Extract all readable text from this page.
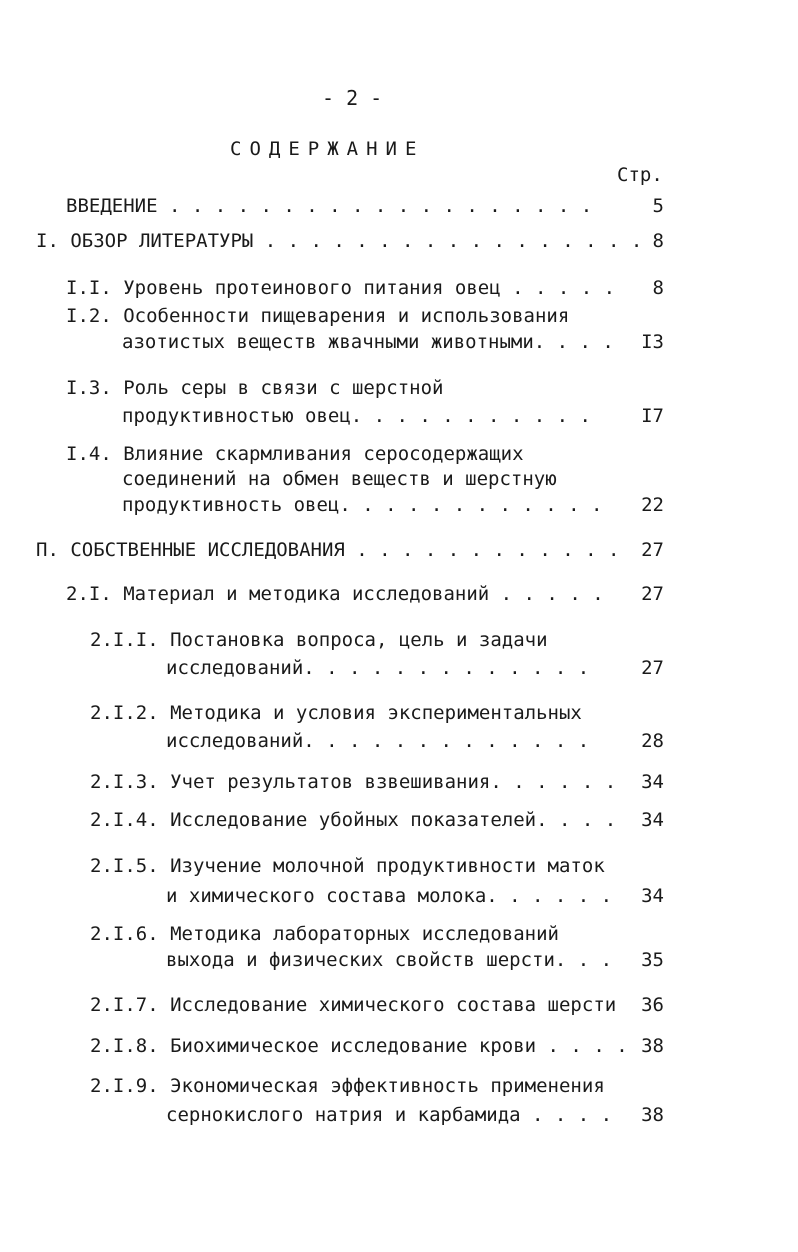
- 2 -
СОДЕРЖАНИЕ
Стр.
ВВЕДЕНИЕ . . . . . . . . . . . . . . . . . . .	5
I. ОБЗОР ЛИТЕРАТУРЫ . . . . . . . . . . . . . . . . . 8
I.I. Уровень протеинового питания овец . . . . .	8
I.2. Особенности пищеварения и использования
азотистых веществ жвачными животными. . . .	I3
I.3. Роль серы в связи с шерстной
продуктивностью овец. . . . . . . . . . .	I7
I.4. Влияние скармливания серосодержащих
соединений на обмен веществ и шерстную
продуктивность овец. . . . . . . . . . . .	22
П. СОБСТВЕННЫЕ ИССЛЕДОВАНИЯ . . . . . . . . . . . .	27
2.I. Материал и методика исследований . . . . .	27
2.I.I. Постановка вопроса, цель и задачи
исследований. . . . . . . . . . . . .	27
2.I.2. Методика и условия экспериментальных
исследований. . . . . . . . . . . . .	28
2.I.3. Учет результатов взвешивания. . . . . .	34
2.I.4. Исследование убойных показателей. . . .	34
2.I.5. Изучение молочной продуктивности маток
и химического состава молока. . . . . .	34
2.I.6. Методика лабораторных исследований
выхода и физических свойств шерсти. . .	35
2.I.7. Исследование химического состава шерсти	36
2.I.8. Биохимическое исследование крови . . . . 38
2.I.9. Экономическая эффективность применения
сернокислого натрия и карбамида . . . .	38
